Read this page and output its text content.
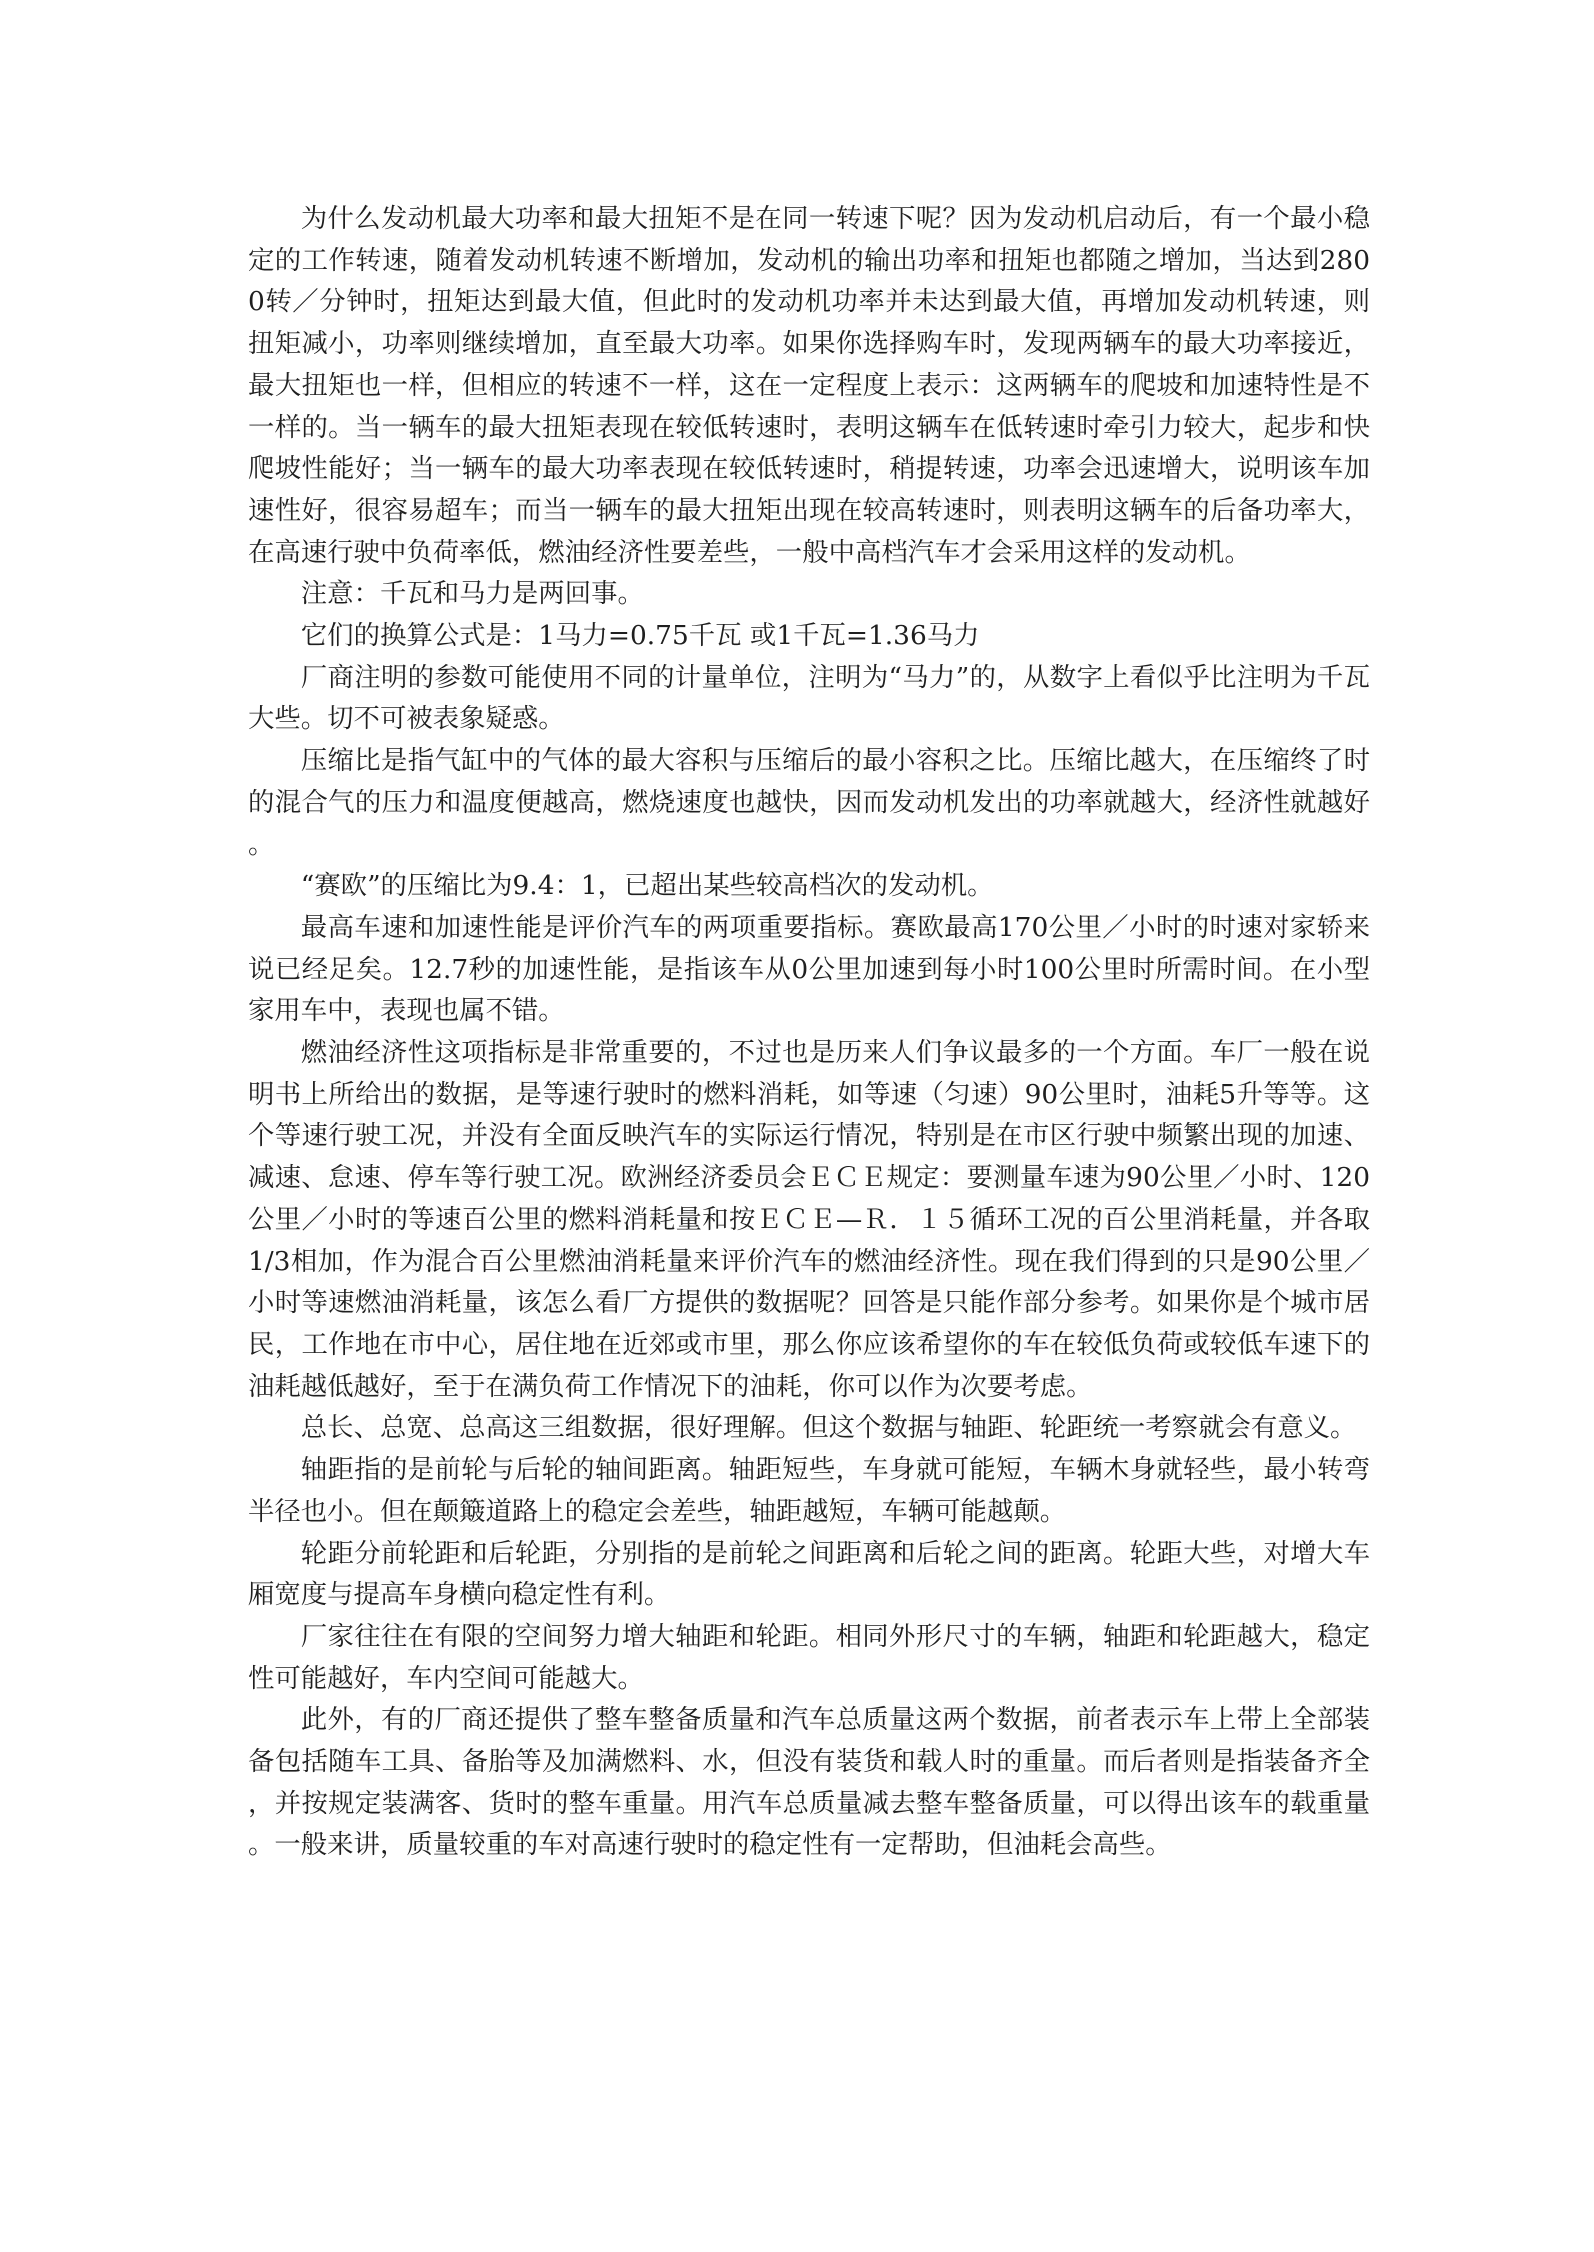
为什么发动机最大功率和最大扭矩不是在同一转速下呢？因为发动机启动后，有一个最小稳定的工作转速，随着发动机转速不断增加，发动机的输出功率和扭矩也都随之增加，当达到2800转／分钟时，扭矩达到最大值，但此时的发动机功率并未达到最大值，再增加发动机转速，则扭矩减小，功率则继续增加，直至最大功率。如果你选择购车时，发现两辆车的最大功率接近，最大扭矩也一样，但相应的转速不一样，这在一定程度上表示：这两辆车的爬坡和加速特性是不一样的。当一辆车的最大扭矩表现在较低转速时，表明这辆车在低转速时牵引力较大，起步和快爬坡性能好；当一辆车的最大功率表现在较低转速时，稍提转速，功率会迅速增大，说明该车加速性好，很容易超车；而当一辆车的最大扭矩出现在较高转速时，则表明这辆车的后备功率大，在高速行驶中负荷率低，燃油经济性要差些，一般中高档汽车才会采用这样的发动机。

注意：千瓦和马力是两回事。

它们的换算公式是：1马力=0.75千瓦 或1千瓦=1.36马力

厂商注明的参数可能使用不同的计量单位，注明为“马力”的，从数字上看似乎比注明为千瓦大些。切不可被表象疑惑。

压缩比是指气缸中的气体的最大容积与压缩后的最小容积之比。压缩比越大，在压缩终了时的混合气的压力和温度便越高，燃烧速度也越快，因而发动机发出的功率就越大，经济性就越好。

“赛欧”的压缩比为9.4：1，已超出某些较高档次的发动机。

最高车速和加速性能是评价汽车的两项重要指标。赛欧最高170公里／小时的时速对家轿来说已经足矣。12.7秒的加速性能，是指该车从0公里加速到每小时100公里时所需时间。在小型家用车中，表现也属不错。

燃油经济性这项指标是非常重要的，不过也是历来人们争议最多的一个方面。车厂一般在说明书上所给出的数据，是等速行驶时的燃料消耗，如等速（匀速）90公里时，油耗5升等等。这个等速行驶工况，并没有全面反映汽车的实际运行情况，特别是在市区行驶中频繁出现的加速、减速、怠速、停车等行驶工况。欧洲经济委员会ＥＣＥ规定：要测量车速为90公里／小时、120公里／小时的等速百公里的燃料消耗量和按ＥＣＥ—Ｒ．１５循环工况的百公里消耗量，并各取1/3相加，作为混合百公里燃油消耗量来评价汽车的燃油经济性。现在我们得到的只是90公里／小时等速燃油消耗量，该怎么看厂方提供的数据呢？回答是只能作部分参考。如果你是个城市居民，工作地在市中心，居住地在近郊或市里，那么你应该希望你的车在较低负荷或较低车速下的油耗越低越好，至于在满负荷工作情况下的油耗，你可以作为次要考虑。

总长、总宽、总高这三组数据，很好理解。但这个数据与轴距、轮距统一考察就会有意义。

轴距指的是前轮与后轮的轴间距离。轴距短些，车身就可能短，车辆木身就轻些，最小转弯半径也小。但在颠簸道路上的稳定会差些，轴距越短，车辆可能越颠。

轮距分前轮距和后轮距，分别指的是前轮之间距离和后轮之间的距离。轮距大些，对增大车厢宽度与提高车身横向稳定性有利。

厂家往往在有限的空间努力增大轴距和轮距。相同外形尺寸的车辆，轴距和轮距越大，稳定性可能越好，车内空间可能越大。

此外，有的厂商还提供了整车整备质量和汽车总质量这两个数据，前者表示车上带上全部装备包括随车工具、备胎等及加满燃料、水，但没有装货和载人时的重量。而后者则是指装备齐全，并按规定装满客、货时的整车重量。用汽车总质量减去整车整备质量，可以得出该车的载重量。一般来讲，质量较重的车对高速行驶时的稳定性有一定帮助，但油耗会高些。
